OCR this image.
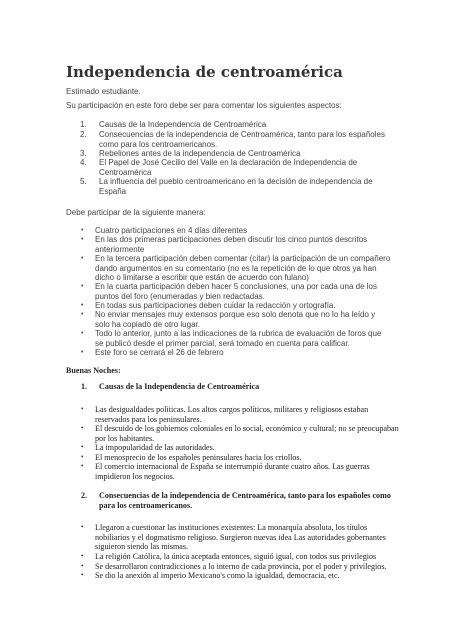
Independencia de centroamérica
Estimado estudiante.
Su participación en este foro debe ser para comentar los siguientes aspectos:
1. Causas de la Independencia de Centroamérica
2. Consecuencias de la independencia de Centroamérica, tanto para los españoles
como para los centroamericanos.
3. Rebeliones antes de la independencia de Centroamérica
4. El Papel de José Cecilio del Valle en la declaración de Independencia de
Centroamérica
5. La influencia del pueblo centroamericano en la decisión de independencia de
España
Debe participar de la siguiente manera:
• Cuatro participaciones en 4 días diferentes
• En las dos primeras participaciones deben discutir los cinco puntos descritos
anteriormente
• En la tercera participación deben comentar (citar) la participación de un compañero
dando argumentos en su comentario (no es la repetición de lo que otros ya han
dicho o limitarse a escribir que están de acuerdo con fulano)
• En la cuarta participación deben hacer 5 conclusiones, una por cada una de los
puntos del foro (enumeradas y bien redactadas.
• En todas sus participaciones deben cuidar la redacción y ortografía.
• No enviar mensajes muy extensos porque eso solo denota que no lo ha leído y
solo ha copiado de otro lugar.
• Todo lo anterior, junto a las indicaciones de la rubrica de evaluación de foros que
se publicó desde el primer parcial, será tomado en cuenta para calificar.
• Este foro se cerrará el 26 de febrero
Buenas Noches:
1. Causas de la Independencia de Centroamérica
• Las desigualdades políticas. Los altos cargos políticos, militares y religiosos estaban
reservados para los peninsulares.
• El descuido de los gobiernos coloniales en lo social, económico y cultural; no se preocupaban
por los habitantes.
• La impopularidad de las autoridades.
• El menosprecio de los españoles peninsulares hacia los criollos.
• El comercio internacional de España se interrumpió durante cuatro años. Las guerras
impidieron los negocios.
2. Consecuencias de la independencia de Centroamérica, tanto para los españoles como
para los centroamericanos.
• Llegaron a cuestionar las instituciones existentes: La monarquía absoluta, los títulos
nobiliarios y el dogmatismo religioso. Surgieron nuevas idea Las autoridades gobernantes
siguieron siendo las mismas.
• La religión Católica, la única aceptada entonces, siguió igual, con todos sus privilegios
• Se desarrollaron contradicciones a lo interno de cada provincia, por el poder y privilegios.
• Se dio la anexión al imperio Mexicano's como la igualdad, democracia, etc.
